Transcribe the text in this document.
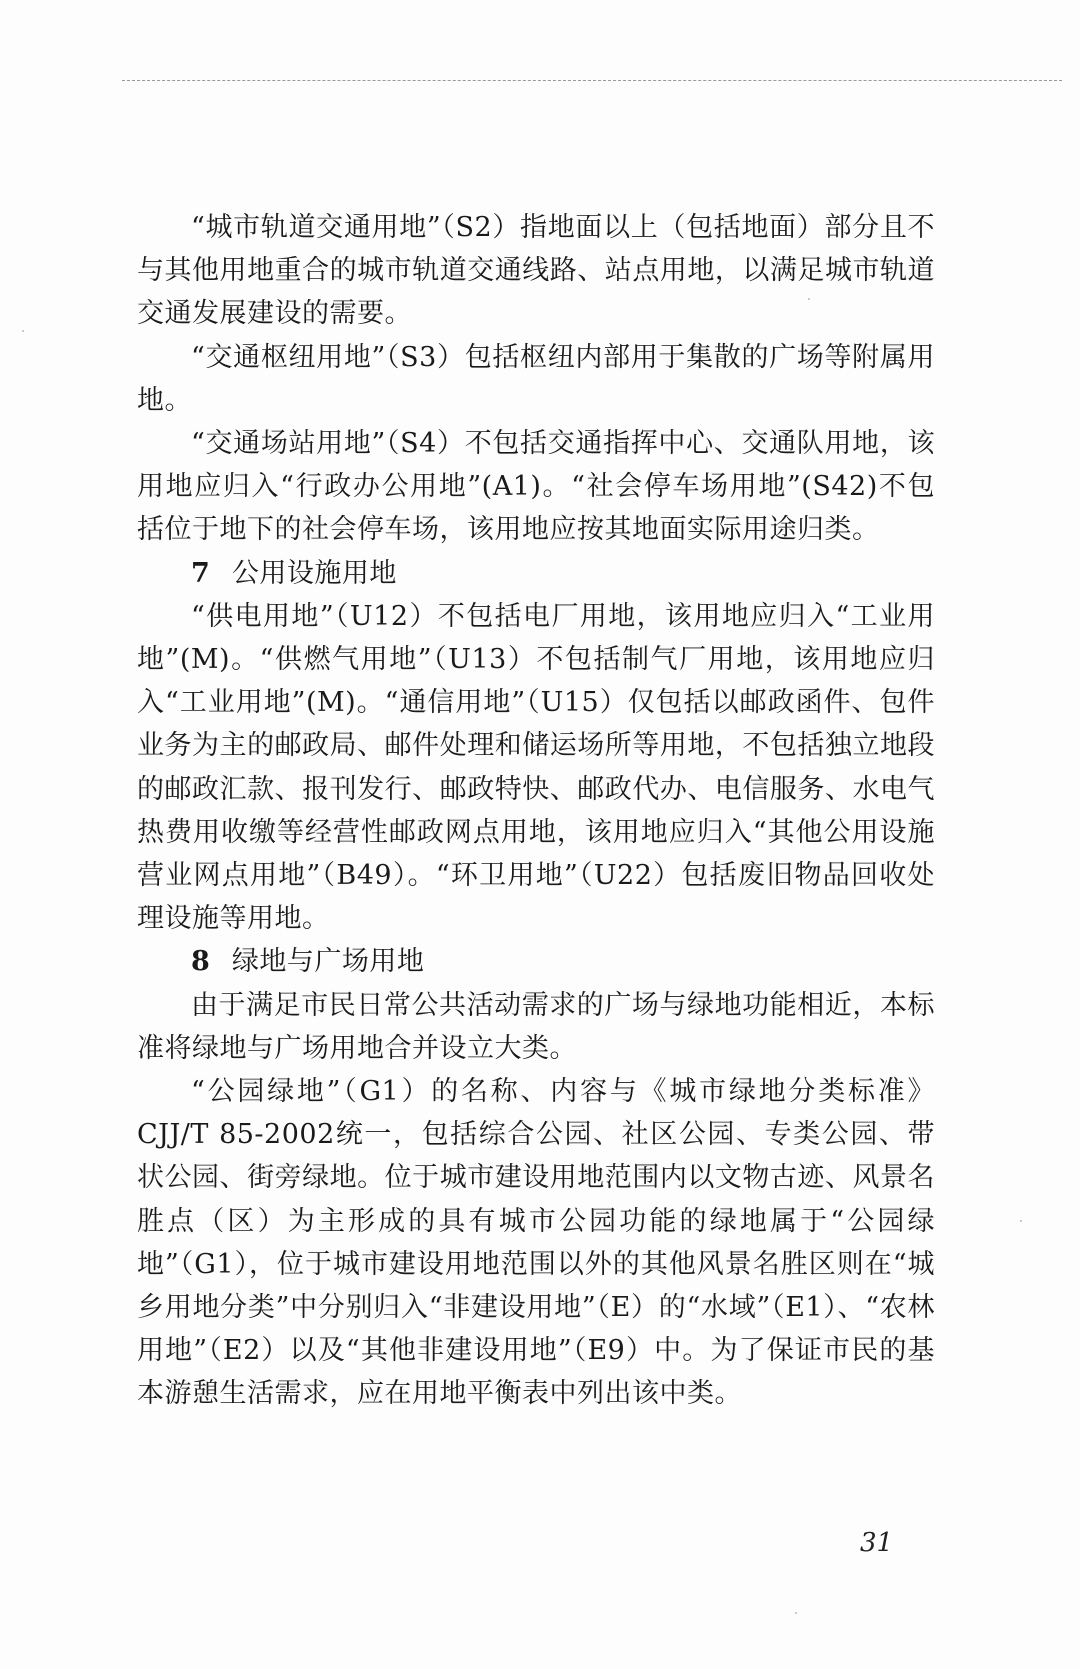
“城市轨道交通用地”（S2）指地面以上（包括地面）部分且不与其他用地重合的城市轨道交通线路、站点用地，以满足城市轨道交通发展建设的需要。

“交通枢纽用地”（S3）包括枢纽内部用于集散的广场等附属用地。

“交通场站用地”（S4）不包括交通指挥中心、交通队用地，该用地应归入“行政办公用地”(A1)。“社会停车场用地”(S42)不包括位于地下的社会停车场，该用地应按其地面实际用途归类。

7 公用设施用地

“供电用地”（U12）不包括电厂用地，该用地应归入“工业用地”(M)。“供燃气用地”（U13）不包括制气厂用地，该用地应归入“工业用地”(M)。“通信用地”（U15）仅包括以邮政函件、包件业务为主的邮政局、邮件处理和储运场所等用地，不包括独立地段的邮政汇款、报刊发行、邮政特快、邮政代办、电信服务、水电气热费用收缴等经营性邮政网点用地，该用地应归入“其他公用设施营业网点用地”（B49）。“环卫用地”（U22）包括废旧物品回收处理设施等用地。

8 绿地与广场用地

由于满足市民日常公共活动需求的广场与绿地功能相近，本标准将绿地与广场用地合并设立大类。

“公园绿地”（G1）的名称、内容与《城市绿地分类标准》CJJ/T 85-2002统一，包括综合公园、社区公园、专类公园、带状公园、街旁绿地。位于城市建设用地范围内以文物古迹、风景名胜点（区）为主形成的具有城市公园功能的绿地属于“公园绿地”（G1），位于城市建设用地范围以外的其他风景名胜区则在“城乡用地分类”中分别归入“非建设用地”（E）的“水域”（E1）、“农林用地”（E2）以及“其他非建设用地”（E9）中。为了保证市民的基本游憩生活需求，应在用地平衡表中列出该中类。

31
